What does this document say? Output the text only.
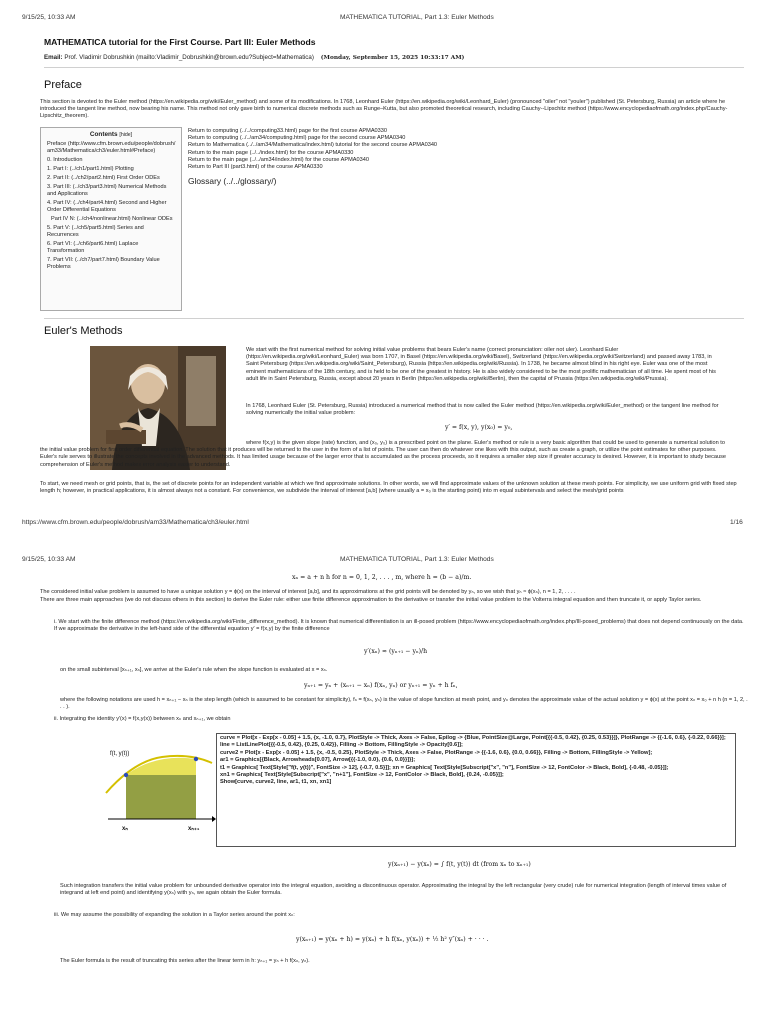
9/15/25, 10:33 AM	MATHEMATICA TUTORIAL, Part 1.3: Euler Methods
MATHEMATICA tutorial for the First Course. Part III: Euler Methods
Email: Prof. Vladimir Dobrushkin (mailto:Vladimir_Dobrushkin@brown.edu?Subject=Mathematica) (Monday, September 15, 2025 10:33:17 AM)
Preface
This section is devoted to the Euler method (https://en.wikipedia.org/wiki/Euler_method) and some of its modifications. In 1768, Leonhard Euler (https://en.wikipedia.org/wiki/Leonhard_Euler) (pronounced "oiler" not "youler") published (St. Petersburg, Russia) an article where he introduced the tangent line method, now bearing his name. This method not only gave birth to numerical discrete methods such as Runge–Kutta, but also promoted theoretical research, including Cauchy--Lipschitz method (https://www.encyclopediaofmath.org/index.php/Cauchy-Lipschitz_theorem).
Contents [hide]
Preface (http://www.cfm.brown.edu/people/dobrush/am33/Mathematica/ch3/euler.html#Preface)
0. Introduction
1. Part I: (../ch1/part1.html) Plotting
2. Part II: (../ch2/part2.html) First Order ODEs
3. Part III: (../ch3/part3.html) Numerical Methods and Applications
4. Part IV: (../ch4/part4.html) Second and Higher Order Differential Equations
Part IV N: (../ch4/nonlinear.html) Nonlinear ODEs
5. Part V: (../ch5/part5.html) Series and Recurrences
6. Part VI: (../ch6/part6.html) Laplace Transformation
7. Part VII: (../ch7/part7.html) Boundary Value Problems
Return to computing (../../computing33.html) page for the first course APMA0330
Return to computing (../../am34/computing.html) page for the second course APMA0340
Return to Mathematica (../../am34/Mathematica/index.html) tutorial for the second course APMA0340
Return to the main page (../../index.html) for the course APMA0330
Return to the main page (../../am34/index.html) for the course APMA0340
Return to Part III (part3.html) of the course APMA0330
Glossary (../../glossary/)
Euler's Methods
We start with the first numerical method for solving initial value problems that bears Euler's name (correct pronunciation: oiler not uler). Leonhard Euler (https://en.wikipedia.org/wiki/Leonhard_Euler) was born 1707, in Basel (https://en.wikipedia.org/wiki/Basel), Switzerland (https://en.wikipedia.org/wiki/Switzerland) and passed away 1783, in Saint Petersburg (https://en.wikipedia.org/wiki/Saint_Petersburg), Russia (https://en.wikipedia.org/wiki/Russia). In 1738, he became almost blind in his right eye. Euler was one of the most eminent mathematicians of the 18th century, and is held to be one of the greatest in history. He is also widely considered to be the most prolific mathematician of all time. He spent most of his adult life in Saint Petersburg, Russia, except about 20 years in Berlin (https://en.wikipedia.org/wiki/Berlin), then the capital of Prussia (https://en.wikipedia.org/wiki/Prussia).
In 1768, Leonhard Euler (St. Petersburg, Russia) introduced a numerical method that is now called the Euler method (https://en.wikipedia.org/wiki/Euler_method) or the tangent line method for solving numerically the initial value problem:
y′ = f(x, y), y(x₀) = y₀,
where f(x,y) is the given slope (rate) function, and (x₀, y₀) is a prescribed point on the plane. Euler's method or rule is a very basic algorithm that could be used to generate a numerical solution to the initial value problem for first order differential equation. The solution that it produces will be returned to the user in the form of a list of points. The user can then do whatever one likes with this output, such as create a graph, or utilize the point estimates for other purposes. Euler's rule serves to illustrate the concepts involved in the advanced methods. It has limited usage because of the larger error that is accumulated as the process proceeds, so it requires a smaller step size if greater accuracy is desired. However, it is important to study because comprehension of Euler's method makes error analysis easier to understand.
To start, we need mesh or grid points, that is, the set of discrete points for an independent variable at which we find approximate solutions. In other words, we will find approximate values of the unknown solution at these mesh points. For simplicity, we use uniform grid with fixed step length h; however, in practical applications, it is almost always not a constant. For convenience, we subdivide the interval of interest [a,b] (where usually a = x₀ is the starting point) into m equal subintervals and select the mesh/grid points
https://www.cfm.brown.edu/people/dobrush/am33/Mathematica/ch3/euler.html	1/16
9/15/25, 10:33 AM	MATHEMATICA TUTORIAL, Part 1.3: Euler Methods
xₙ = a + n h for n = 0, 1, 2, . . . , m, where h = (b − a)/m.
The considered initial value problem is assumed to have a unique solution y = ϕ(x) on the interval of interest [a,b], and its approximations at the grid points will be denoted by yₙ, so we wish that yₙ ≈ ϕ(xₙ), n = 1, 2, . . . .
There are three main approaches (we do not discuss others in this section) to derive the Euler rule: either use finite difference approximation to the derivative or transfer the initial value problem to the Volterra integral equation and then truncate it, or apply Taylor series.
i. We start with the finite difference method (https://en.wikipedia.org/wiki/Finite_difference_method). It is known that numerical differentiation is an ill-posed problem (https://www.encyclopediaofmath.org/index.php/Ill-posed_problems) that does not depend continuously on the data. If we approximate the derivative in the left-hand side of the differential equation y′ = f(x,y) by the finite difference
y′(xₙ) ≈ (yₙ₊₁ − yₙ)/h
on the small subinterval [xₙ₊₁, xₙ], we arrive at the Euler's rule when the slope function is evaluated at x = xₙ.
yₙ₊₁ = yₙ + (xₙ₊₁ − xₙ) f(xₙ, yₙ) or yₙ₊₁ = yₙ + h fₙ,
where the following notations are used h = xₙ₊₁ − xₙ is the step length (which is assumed to be constant for simplicity), fₙ = f(xₙ, yₙ) is the value of slope function at mesh point, and yₙ denotes the approximate value of the actual solution y = ϕ(x) at the point xₙ = x₀ + n h (n = 1, 2, . . . ).
ii. Integrating the identity y′(x) = f(x,y(x)) between xₙ and xₙ₊₁, we obtain
f(t, y(t))
xₙ	xₙ₊₁
curve = Plot[x - Exp[x - 0.05] + 1.5, {x, -1.0, 0.7}, PlotStyle -> Thick, Axes -> False, Epilog -> {Blue, PointSize@Large, Point[{{-0.5, 0.42}, {0.25, 0.53}}]}, PlotRange -> {{-1.6, 0.6}, {-0.22, 0.66}}];
line = ListLinePlot[{{-0.5, 0.42}, {0.25, 0.42}}, Filling -> Bottom, FillingStyle -> Opacity[0.6]];
curve2 = Plot[x - Exp[x - 0.05] + 1.5, {x, -0.5, 0.25}, PlotStyle -> Thick, Axes -> False, PlotRange -> {{-1.6, 0.6}, {0.0, 0.66}}, Filling -> Bottom, FillingStyle -> Yellow];
ar1 = Graphics[{Black, Arrowheads[0.07], Arrow[{{-1.0, 0.0}, {0.6, 0.0}}]}];
t1 = Graphics[ Text[Style["f(t, y(t))", FontSize -> 12], {-0.7, 0.5}]]; xn = Graphics[ Text[Style[Subscript["x", "n"], FontSize -> 12, FontColor -> Black, Bold], {-0.48, -0.05}]];
xn1 = Graphics[ Text[Style[Subscript["x", "n+1"], FontSize -> 12, FontColor -> Black, Bold], {0.24, -0.05}]];
Show[curve, curve2, line, ar1, t1, xn, xn1]
y(xₙ₊₁) − y(xₙ) = ∫ f(t, y(t)) dt (from xₙ to xₙ₊₁)
Such integration transfers the initial value problem for unbounded derivative operator into the integral equation, avoiding a discontinuous operator. Approximating the integral by the left rectangular (very crude) rule for numerical integration (length of interval times value of integrand at left end point) and identifying y(xₙ) with yₙ, we again obtain the Euler formula.
iii. We may assume the possibility of expanding the solution in a Taylor series around the point xₙ:
y(xₙ₊₁) = y(xₙ + h) = y(xₙ) + h f(xₙ, y(xₙ)) + ½ h² y″(xₙ) + · · · .
The Euler formula is the result of truncating this series after the linear term in h: yₙ₊₁ = yₙ + h f(xₙ, yₙ).
